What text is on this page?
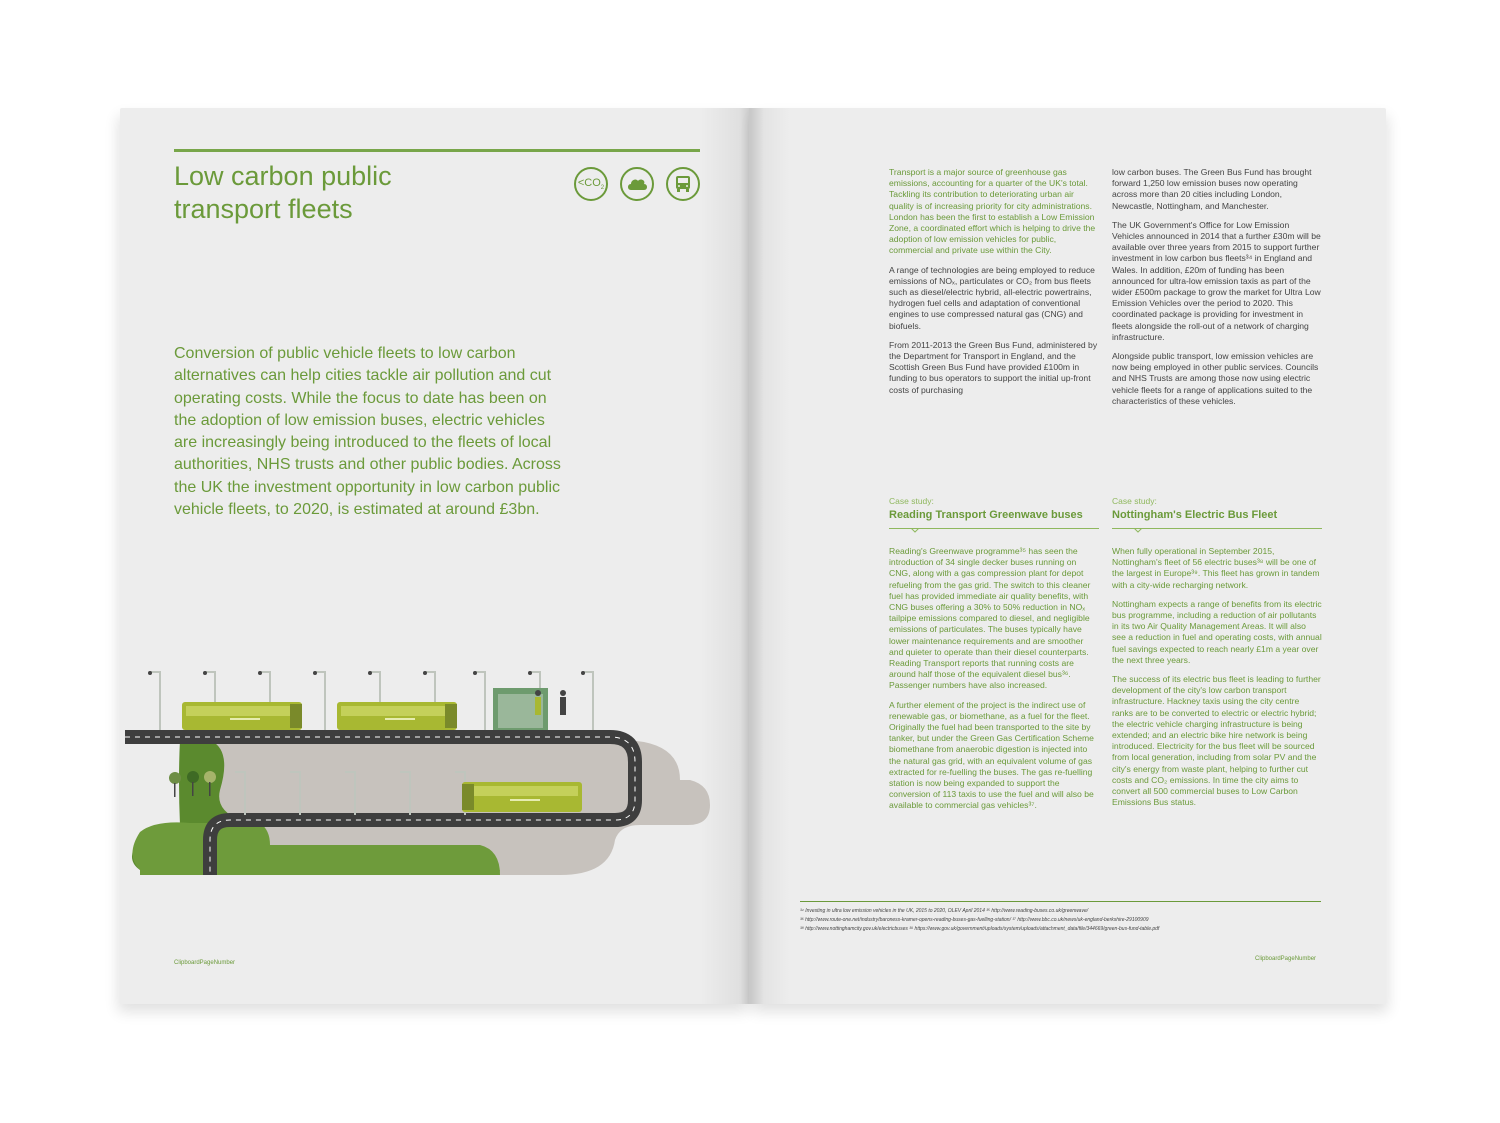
Low carbon public transport fleets
$<CO_2$

Conversion of public vehicle fleets to low carbon alternatives can help cities tackle air pollution and cut operating costs. While the focus to date has been on the adoption of low emission buses, electric vehicles are increasingly being introduced to the fleets of local authorities, NHS trusts and other public bodies. Across the UK the investment opportunity in low carbon public vehicle fleets, to 2020, is estimated at around £3bn.

ClipboardPageNumber

Transport is a major source of greenhouse gas emissions, accounting for a quarter of the UK's total. Tackling its contribution to deteriorating urban air quality is of increasing priority for city administrations. London has been the first to establish a Low Emission Zone, a coordinated effort which is helping to drive the adoption of low emission vehicles for public, commercial and private use within the City.

A range of technologies are being employed to reduce emissions of NOₓ, particulates or CO₂ from bus fleets such as diesel/electric hybrid, all-electric powertrains, hydrogen fuel cells and adaptation of conventional engines to use compressed natural gas (CNG) and biofuels.

From 2011-2013 the Green Bus Fund, administered by the Department for Transport in England, and the Scottish Green Bus Fund have provided £100m in funding to bus operators to support the initial up-front costs of purchasing

low carbon buses. The Green Bus Fund has brought forward 1,250 low emission buses now operating across more than 20 cities including London, Newcastle, Nottingham, and Manchester.

The UK Government's Office for Low Emission Vehicles announced in 2014 that a further £30m will be available over three years from 2015 to support further investment in low carbon bus fleets³⁴ in England and Wales. In addition, £20m of funding has been announced for ultra-low emission taxis as part of the wider £500m package to grow the market for Ultra Low Emission Vehicles over the period to 2020. This coordinated package is providing for investment in fleets alongside the roll-out of a network of charging infrastructure.

Alongside public transport, low emission vehicles are now being employed in other public services. Councils and NHS Trusts are among those now using electric vehicle fleets for a range of applications suited to the characteristics of these vehicles.

Case study:
Reading Transport Greenwave buses

Reading's Greenwave programme³⁵ has seen the introduction of 34 single decker buses running on CNG, along with a gas compression plant for depot refueling from the gas grid. The switch to this cleaner fuel has provided immediate air quality benefits, with CNG buses offering a 30% to 50% reduction in NOₓ tailpipe emissions compared to diesel, and negligible emissions of particulates. The buses typically have lower maintenance requirements and are smoother and quieter to operate than their diesel counterparts. Reading Transport reports that running costs are around half those of the equivalent diesel bus³⁶. Passenger numbers have also increased.

A further element of the project is the indirect use of renewable gas, or biomethane, as a fuel for the fleet. Originally the fuel had been transported to the site by tanker, but under the Green Gas Certification Scheme biomethane from anaerobic digestion is injected into the natural gas grid, with an equivalent volume of gas extracted for re-fuelling the buses. The gas re-fuelling station is now being expanded to support the conversion of 113 taxis to use the fuel and will also be available to commercial gas vehicles³⁷.

Case study:
Nottingham's Electric Bus Fleet

When fully operational in September 2015, Nottingham's fleet of 56 electric buses³⁸ will be one of the largest in Europe³⁹. This fleet has grown in tandem with a city-wide recharging network.

Nottingham expects a range of benefits from its electric bus programme, including a reduction of air pollutants in its two Air Quality Management Areas. It will also see a reduction in fuel and operating costs, with annual fuel savings expected to reach nearly £1m a year over the next three years.

The success of its electric bus fleet is leading to further development of the city's low carbon transport infrastructure. Hackney taxis using the city centre ranks are to be converted to electric or electric hybrid; the electric vehicle charging infrastructure is being extended; and an electric bike hire network is being introduced. Electricity for the bus fleet will be sourced from local generation, including from solar PV and the city's energy from waste plant, helping to further cut costs and CO₂ emissions. In time the city aims to convert all 500 commercial buses to Low Carbon Emissions Bus status.

³⁴ Investing in ultra low emission vehicles in the UK, 2015 to 2020, OLEV April 2014 ³⁵ http://www.reading-buses.co.uk/greenwave/
³⁶ http://www.route-one.net/industry/baroness-kramer-opens-reading-buses-gas-fuelling-station/ ³⁷ http://www.bbc.co.uk/news/uk-england-berkshire-29100909
³⁸ http://www.nottinghamcity.gov.uk/electricbuses ³⁹ https://www.gov.uk/government/uploads/system/uploads/attachment_data/file/344669/green-bus-fund-table.pdf
ClipboardPageNumber
